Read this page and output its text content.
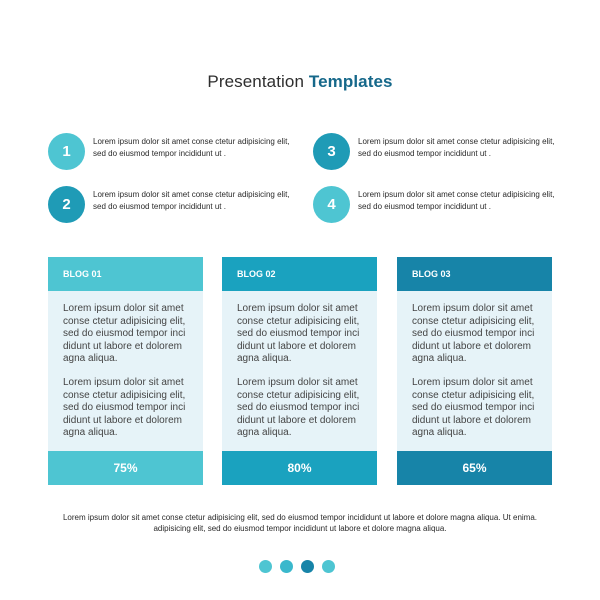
Presentation Templates
1
Lorem ipsum dolor sit amet conse ctetur adipisicing elit, sed do eiusmod tempor incididunt ut .
2
Lorem ipsum dolor sit amet conse ctetur adipisicing elit, sed do eiusmod tempor incididunt ut .
3
Lorem ipsum dolor sit amet conse ctetur adipisicing elit, sed do eiusmod tempor incididunt ut .
4
Lorem ipsum dolor sit amet conse ctetur adipisicing elit, sed do eiusmod tempor incididunt ut .
BLOG 01
Lorem ipsum dolor sit amet conse ctetur adipisicing elit, sed do eiusmod tempor inci didunt ut labore et dolorem agna aliqua.
Lorem ipsum dolor sit amet conse ctetur adipisicing elit, sed do eiusmod tempor inci didunt ut labore et dolorem agna aliqua.
75%
BLOG 02
Lorem ipsum dolor sit amet conse ctetur adipisicing elit, sed do eiusmod tempor inci didunt ut labore et dolorem agna aliqua.
Lorem ipsum dolor sit amet conse ctetur adipisicing elit, sed do eiusmod tempor inci didunt ut labore et dolorem agna aliqua.
80%
BLOG 03
Lorem ipsum dolor sit amet conse ctetur adipisicing elit, sed do eiusmod tempor inci didunt ut labore et dolorem agna aliqua.
Lorem ipsum dolor sit amet conse ctetur adipisicing elit, sed do eiusmod tempor inci didunt ut labore et dolorem agna aliqua.
65%
Lorem ipsum dolor sit amet conse ctetur adipisicing elit, sed do eiusmod tempor incididunt ut labore et dolore magna aliqua. Ut enima.
adipisicing elit, sed do eiusmod tempor incididunt ut labore et dolore magna aliqua.
